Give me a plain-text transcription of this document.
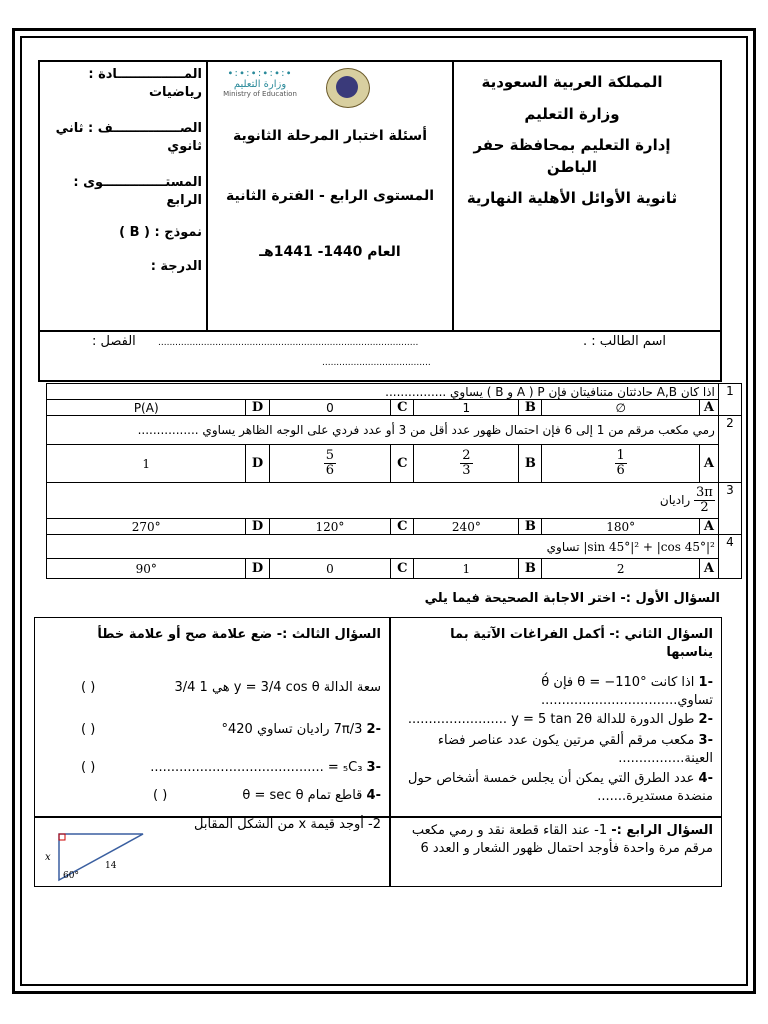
المملكة العربية السعودية
وزارة التعليم
إدارة التعليم بمحافظة حفر الباطن
ثانوية الأوائل الأهلية النهارية
∙:∙:∙:∙:∙:∙
وزارة التعليم
Ministry of Education
أسئلة اختبار المرحلة الثانوية
المستوى الرابع - الفترة الثانية
العام 1440- 1441هـ
المـــــــــــــــادة : رياضيات
الصـــــــــــــــف : ثاني ثانوي
المستــــــــــــــوى : الرابع
نموذج : ( B )
الدرجة :
اسم الطالب : .
...........................................................................................
الفصل :
......................................
اذا كان A,B حادثتان متنافيتان فإن P ( A و B ) يساوي ................								1
P(A)	D	0	C	1	B	∅	A	
رمي مكعب مرقم من 1 إلى 6 فإن احتمال ظهور عدد أقل من 3 أو عدد فردي على الوجه الظاهر يساوي ................								2
1	D	$\frac{5}{6}$	C	$\frac{2}{3}$	B	$\frac{1}{6}$	A	

$\frac{3\pi}{2}$
راديان								3
270°	D	120°	C	240°	B	180°	A	
|sin 45°|² + |cos 45°|² تساوي								4
90°	D	0	C	1	B	2	A	
السؤال الأول :- اختر الاجابة الصحيحة فيما يلي
السؤال الثاني :- أكمل الفراغات الآتية بما يناسبها
-1 اذا كانت θ = −110° فإن θ́ تساوي.................................
-2 طول الدورة للدالة y = 5 tan 2θ ........................
-3 مكعب مرقم ألقي مرتين يكون عدد عناصر فضاء العينة................
-4 عدد الطرق التي يمكن أن يجلس خمسة أشخاص حول منضدة مستديرة.......
السؤال الثالث :- ضع علامة صح أو علامة خطأ
سعة الدالة y = 3/4 cos θ هي 1 3/4
( )
-2 7π/3 راديان تساوي 420°
( )
-3 ₅C₃ = ..........................................
( )
-4 قاطع تمام θ = sec θ
( )
السؤال الرابع :- 1- عند القاء قطعة نقد و رمي مكعب مرقم مرة واحدة فأوجد احتمال ظهور الشعار و العدد 6
2- أوجد قيمة x من الشكل المقابل
x
60°
14
